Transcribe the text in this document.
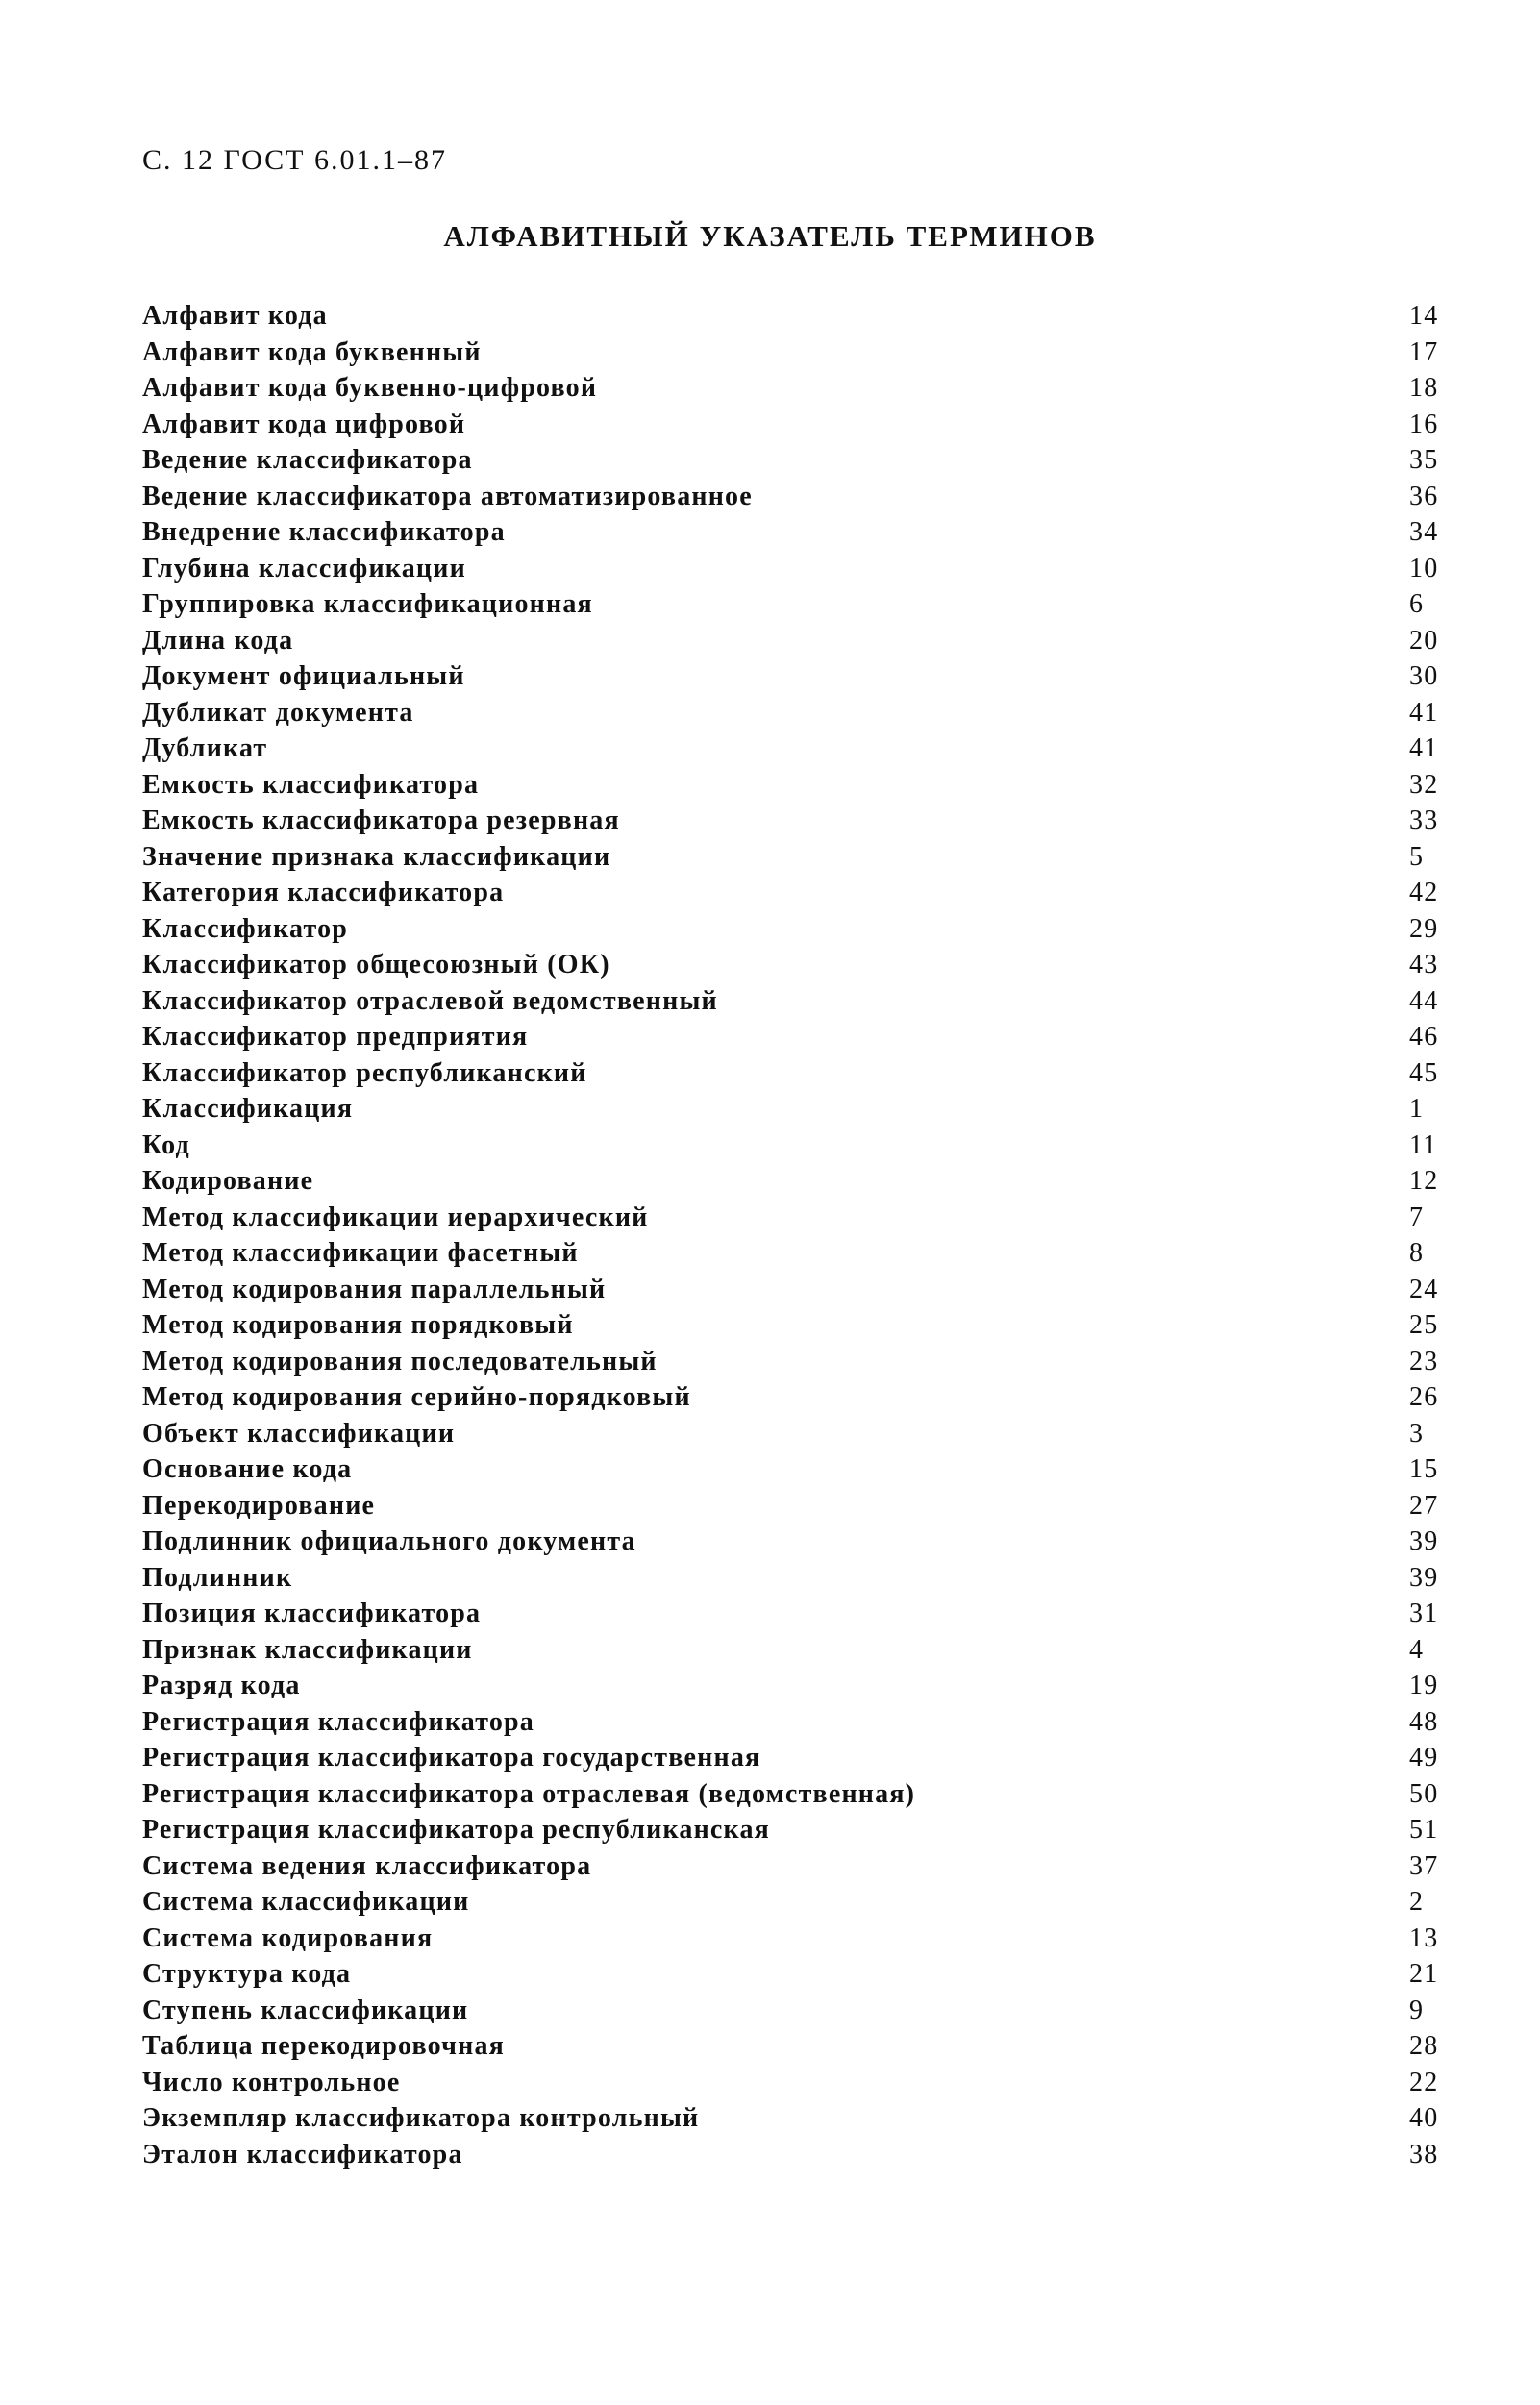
С. 12 ГОСТ 6.01.1–87
АЛФАВИТНЫЙ УКАЗАТЕЛЬ ТЕРМИНОВ
Алфавит кода	14
Алфавит кода буквенный	17
Алфавит кода буквенно-цифровой	18
Алфавит кода цифровой	16
Ведение классификатора	35
Ведение классификатора автоматизированное	36
Внедрение классификатора	34
Глубина классификации	10
Группировка классификационная	6
Длина кода	20
Документ официальный	30
Дубликат документа	41
Дубликат	41
Емкость классификатора	32
Емкость классификатора резервная	33
Значение признака классификации	5
Категория классификатора	42
Классификатор	29
Классификатор общесоюзный (ОК)	43
Классификатор отраслевой ведомственный	44
Классификатор предприятия	46
Классификатор республиканский	45
Классификация	1
Код	11
Кодирование	12
Метод классификации иерархический	7
Метод классификации фасетный	8
Метод кодирования параллельный	24
Метод кодирования порядковый	25
Метод кодирования последовательный	23
Метод кодирования серийно-порядковый	26
Объект классификации	3
Основание кода	15
Перекодирование	27
Подлинник официального документа	39
Подлинник	39
Позиция классификатора	31
Признак классификации	4
Разряд кода	19
Регистрация классификатора	48
Регистрация классификатора государственная	49
Регистрация классификатора отраслевая (ведомственная)	50
Регистрация классификатора республиканская	51
Система ведения классификатора	37
Система классификации	2
Система кодирования	13
Структура кода	21
Ступень классификации	9
Таблица перекодировочная	28
Число контрольное	22
Экземпляр классификатора контрольный	40
Эталон классификатора	38
